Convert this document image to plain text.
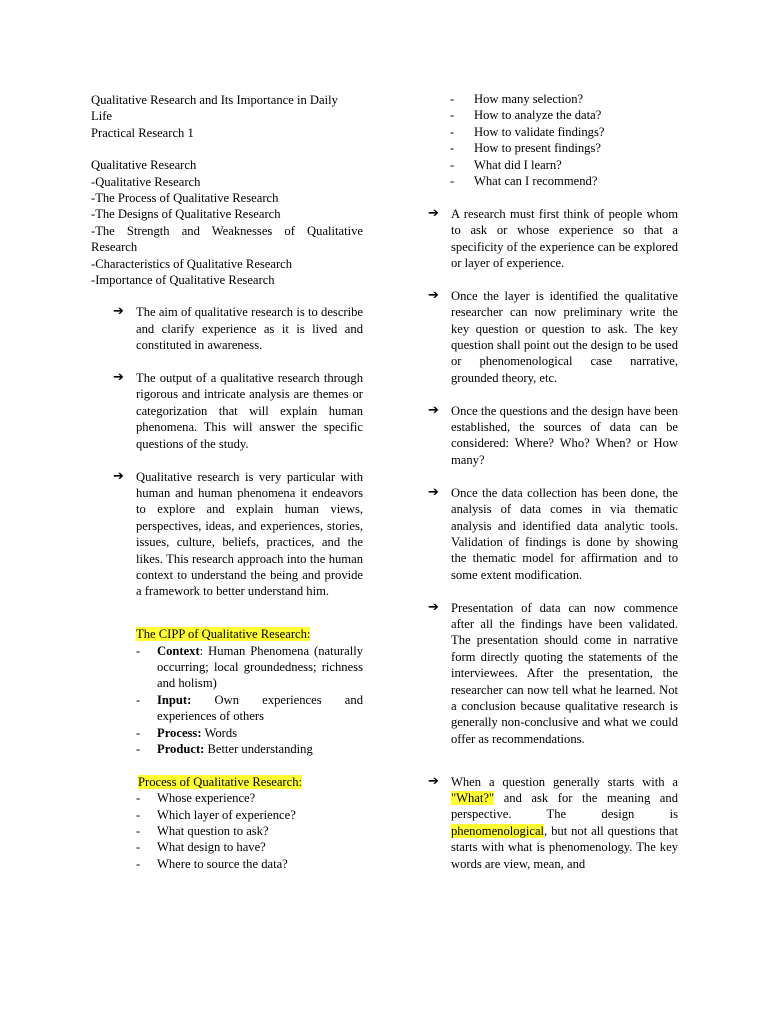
Qualitative Research and Its Importance in Daily
Life
Practical Research 1
Qualitative Research
-Qualitative Research
-The Process of Qualitative Research
-The Designs of Qualitative Research
-The Strength and Weaknesses of Qualitative Research
-Characteristics of Qualitative Research
-Importance of Qualitative Research
➔ The aim of qualitative research is to describe and clarify experience as it is lived and constituted in awareness.
➔ The output of a qualitative research through rigorous and intricate analysis are themes or categorization that will explain human phenomena. This will answer the specific questions of the study.
➔ Qualitative research is very particular with human and human phenomena it endeavors to explore and explain human views, perspectives, ideas, and experiences, stories, issues, culture, beliefs, practices, and the likes. This research approach into the human context to understand the being and provide a framework to better understand him.
The CIPP of Qualitative Research:
-	Context: Human Phenomena (naturally occurring; local groundedness; richness and holism)
-	Input: Own experiences and experiences of others
-	Process: Words
-	Product: Better understanding
Process of Qualitative Research:
-	Whose experience?
-	Which layer of experience?
-	What question to ask?
-	What design to have?
-	Where to source the data?
-	How many selection?
-	How to analyze the data?
-	How to validate findings?
-	How to present findings?
-	What did I learn?
-	What can I recommend?
➔ A research must first think of people whom to ask or whose experience so that a specificity of the experience can be explored or layer of experience.
➔ Once the layer is identified the qualitative researcher can now preliminary write the key question or question to ask. The key question shall point out the design to be used or phenomenological case narrative, grounded theory, etc.
➔ Once the questions and the design have been established, the sources of data can be considered: Where? Who? When? or How many?
➔ Once the data collection has been done, the analysis of data comes in via thematic analysis and identified data analytic tools. Validation of findings is done by showing the thematic model for affirmation and to some extent modification.
➔ Presentation of data can now commence after all the findings have been validated. The presentation should come in narrative form directly quoting the statements of the interviewees. After the presentation, the researcher can now tell what he learned. Not a conclusion because qualitative research is generally non-conclusive and what we could offer as recommendations.
➔ When a question generally starts with a "What?" and ask for the meaning and perspective. The design is phenomenological, but not all questions that starts with what is phenomenology. The key words are view, mean, and
